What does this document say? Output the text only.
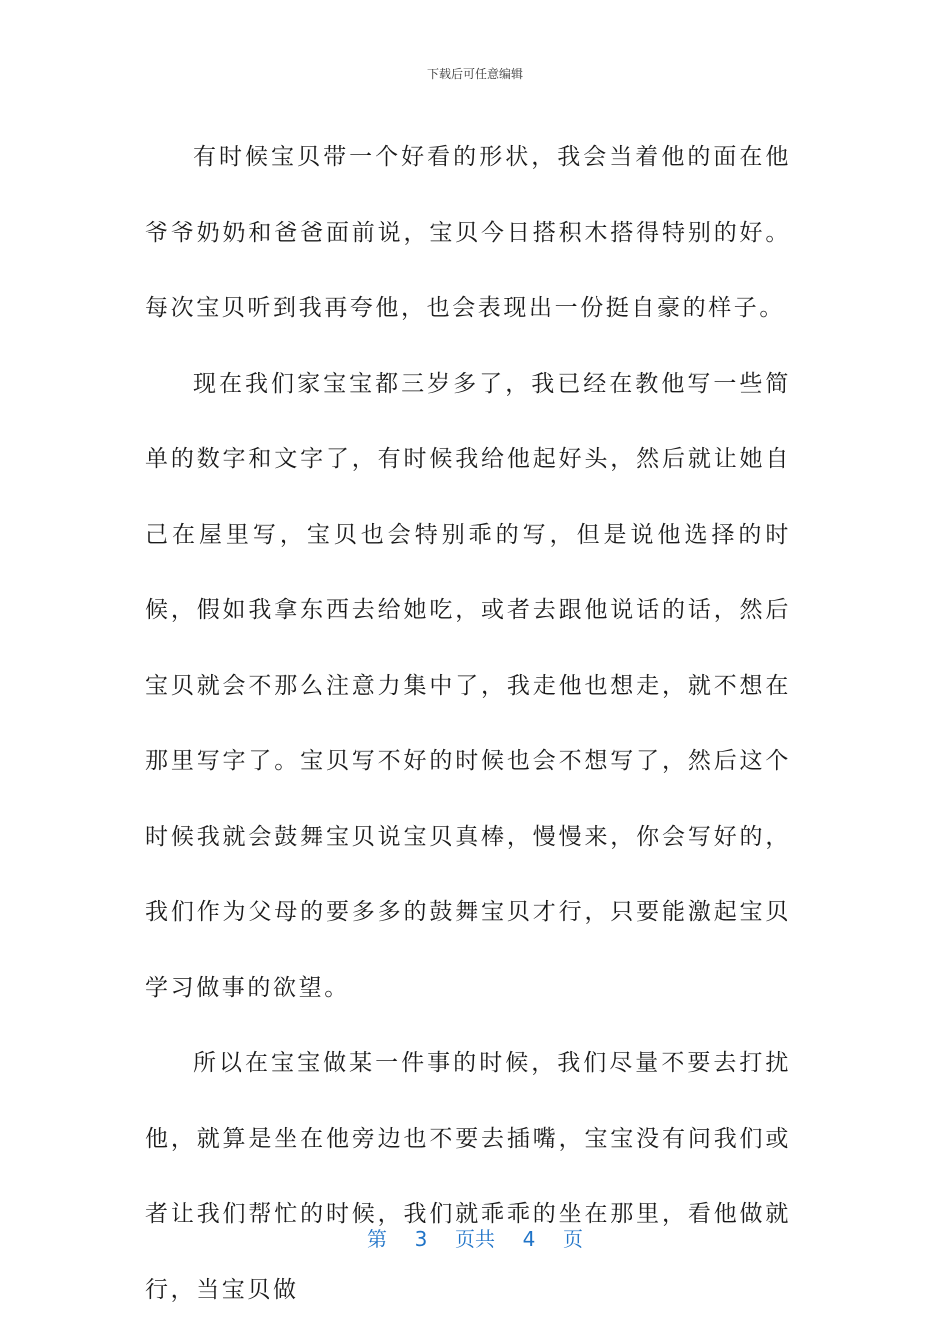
下载后可任意编辑

有时候宝贝带一个好看的形状，我会当着他的面在他爷爷奶奶和爸爸面前说，宝贝今日搭积木搭得特别的好。每次宝贝听到我再夸他，也会表现出一份挺自豪的样子。

现在我们家宝宝都三岁多了，我已经在教他写一些简单的数字和文字了，有时候我给他起好头，然后就让她自己在屋里写，宝贝也会特别乖的写，但是说他选择的时候，假如我拿东西去给她吃，或者去跟他说话的话，然后宝贝就会不那么注意力集中了，我走他也想走，就不想在那里写字了。宝贝写不好的时候也会不想写了，然后这个时候我就会鼓舞宝贝说宝贝真棒，慢慢来，你会写好的，我们作为父母的要多多的鼓舞宝贝才行，只要能激起宝贝学习做事的欲望。

所以在宝宝做某一件事的时候，我们尽量不要去打扰他，就算是坐在他旁边也不要去插嘴，宝宝没有问我们或者让我们帮忙的时候，我们就乖乖的坐在那里，看他做就行，当宝贝做

第 3 页共 4 页
